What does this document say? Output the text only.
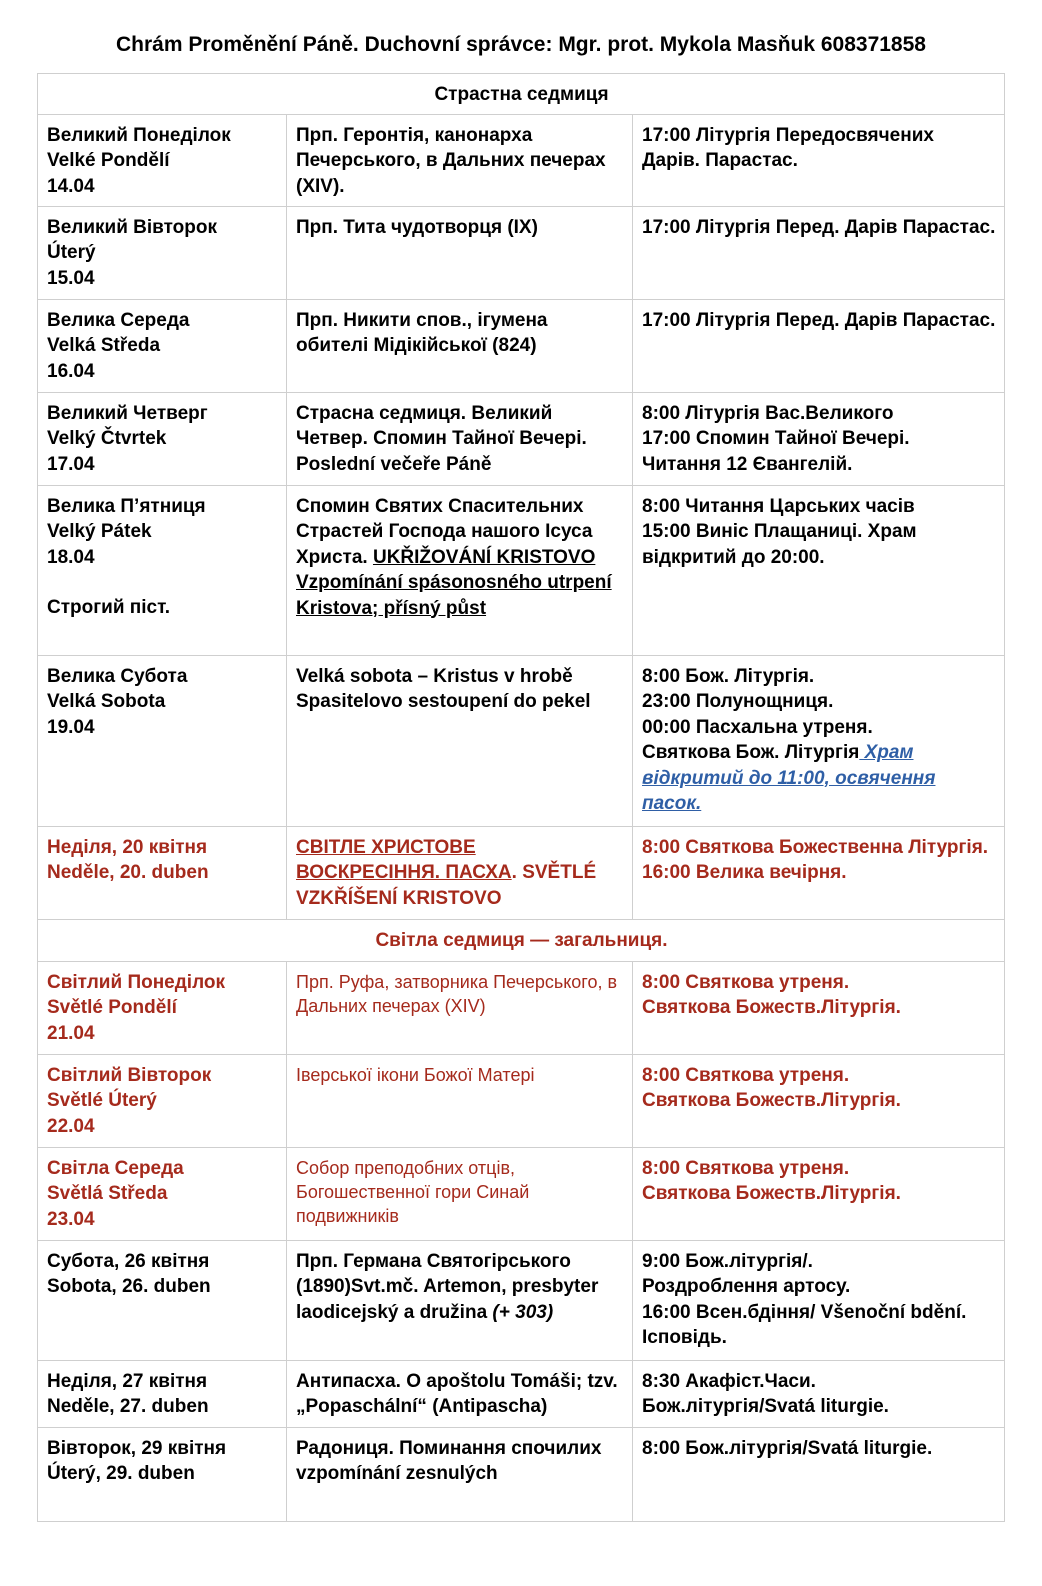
Chrám Proměnění Páně. Duchovní správce: Mgr. prot. Mykola Masňuk 608371858
Страстна седмиця		

Великий Понеділок
Velké Pondělí
14.04	Прп. Геронтія, канонарха Печерського, в Дальних печерах (XIV).	17:00 Літургія Передосвячених Дарів. Парастас.

Великий Вівторок
Úterý
15.04	Прп. Тита чудотворця (IX)	17:00 Літургія Перед. Дарів Парастас.

Велика Середа
Velká Středa
16.04	Прп. Никити спов., ігумена обителі Мідікійської (824)	17:00 Літургія Перед. Дарів Парастас.

Великий Четверг
Velký Čtvrtek
17.04	Страсна седмиця. Великий Четвер. Спомин Тайної Вечері. Poslední večeře Páně	8:00 Літургія Вас.Великого
17:00 Спомин Тайної Вечері.
Читання 12 Євангелій.

Велика П’ятниця
Velký Pátek
18.04
Строгий піст.	Спомин Святих Спасительних Страстей Господа нашого Ісуса Христа. UKŘIŽOVÁNÍ KRISTOVO Vzpomínání spásonosného utrpení Kristova; přísný půst	8:00 Читання Царських часів
15:00 Винiс Плащаниці. Храм відкритий до 20:00.

Велика Субота
Velká Sobota
19.04	Velká sobota – Kristus v hrobě Spasitelovo sestoupení do pekel	8:00 Бож. Літургія.
23:00 Полунощниця.
00:00 Пасхальна утреня.
Святкова Бож. Літургія Храм відкритий до 11:00, освячення пасок.

Неділя, 20 квітня
Neděle, 20. duben	СВІТЛЕ ХРИСТОВЕ ВОСКРЕСІННЯ. ПАСХА. SVĚTLÉ VZKŘÍŠENÍ KRISTOVO	8:00 Святкова Божественна Літургія.
16:00 Велика вечірня.

Світла седмиця — загальниця.		

Світлий Понеділок
Světlé Pondělí
21.04	Прп. Руфа, затворника Печерського, в Дальних печерах (XIV)	8:00 Святкова утреня.
Святкова Божеств.Літургія.

Світлий Вівторок
Světlé Úterý
22.04	Іверської ікони Божої Матері	8:00 Святкова утреня.
Святкова Божеств.Літургія.

Світла Середа
Světlá Středa
23.04	Собор преподобних отців, Богошественної гори Синай подвижників	8:00 Святкова утреня.
Святкова Божеств.Літургія.

Субота, 26 квітня
Sobota, 26. duben	Прп. Германа Святогірського (1890)Svt.mč. Artemon, presbyter laodicejský a družina (+ 303)	9:00 Бож.літургія/.
Роздроблення артосу.
16:00 Всен.бдіння/ Všenoční bdění. Ісповідь.

Неділя, 27 квітня
Neděle, 27. duben	Антипасха. O apoštolu Tomáši; tzv. „Popaschální“ (Antipascha)	8:30 Акафіст.Часи.
Бож.літургія/Svatá liturgie.

Вівторок, 29 квітня
Úterý, 29. duben	Радониця. Поминання спочилих vzpomínání zesnulých	8:00 Бож.літургія/Svatá liturgie.
